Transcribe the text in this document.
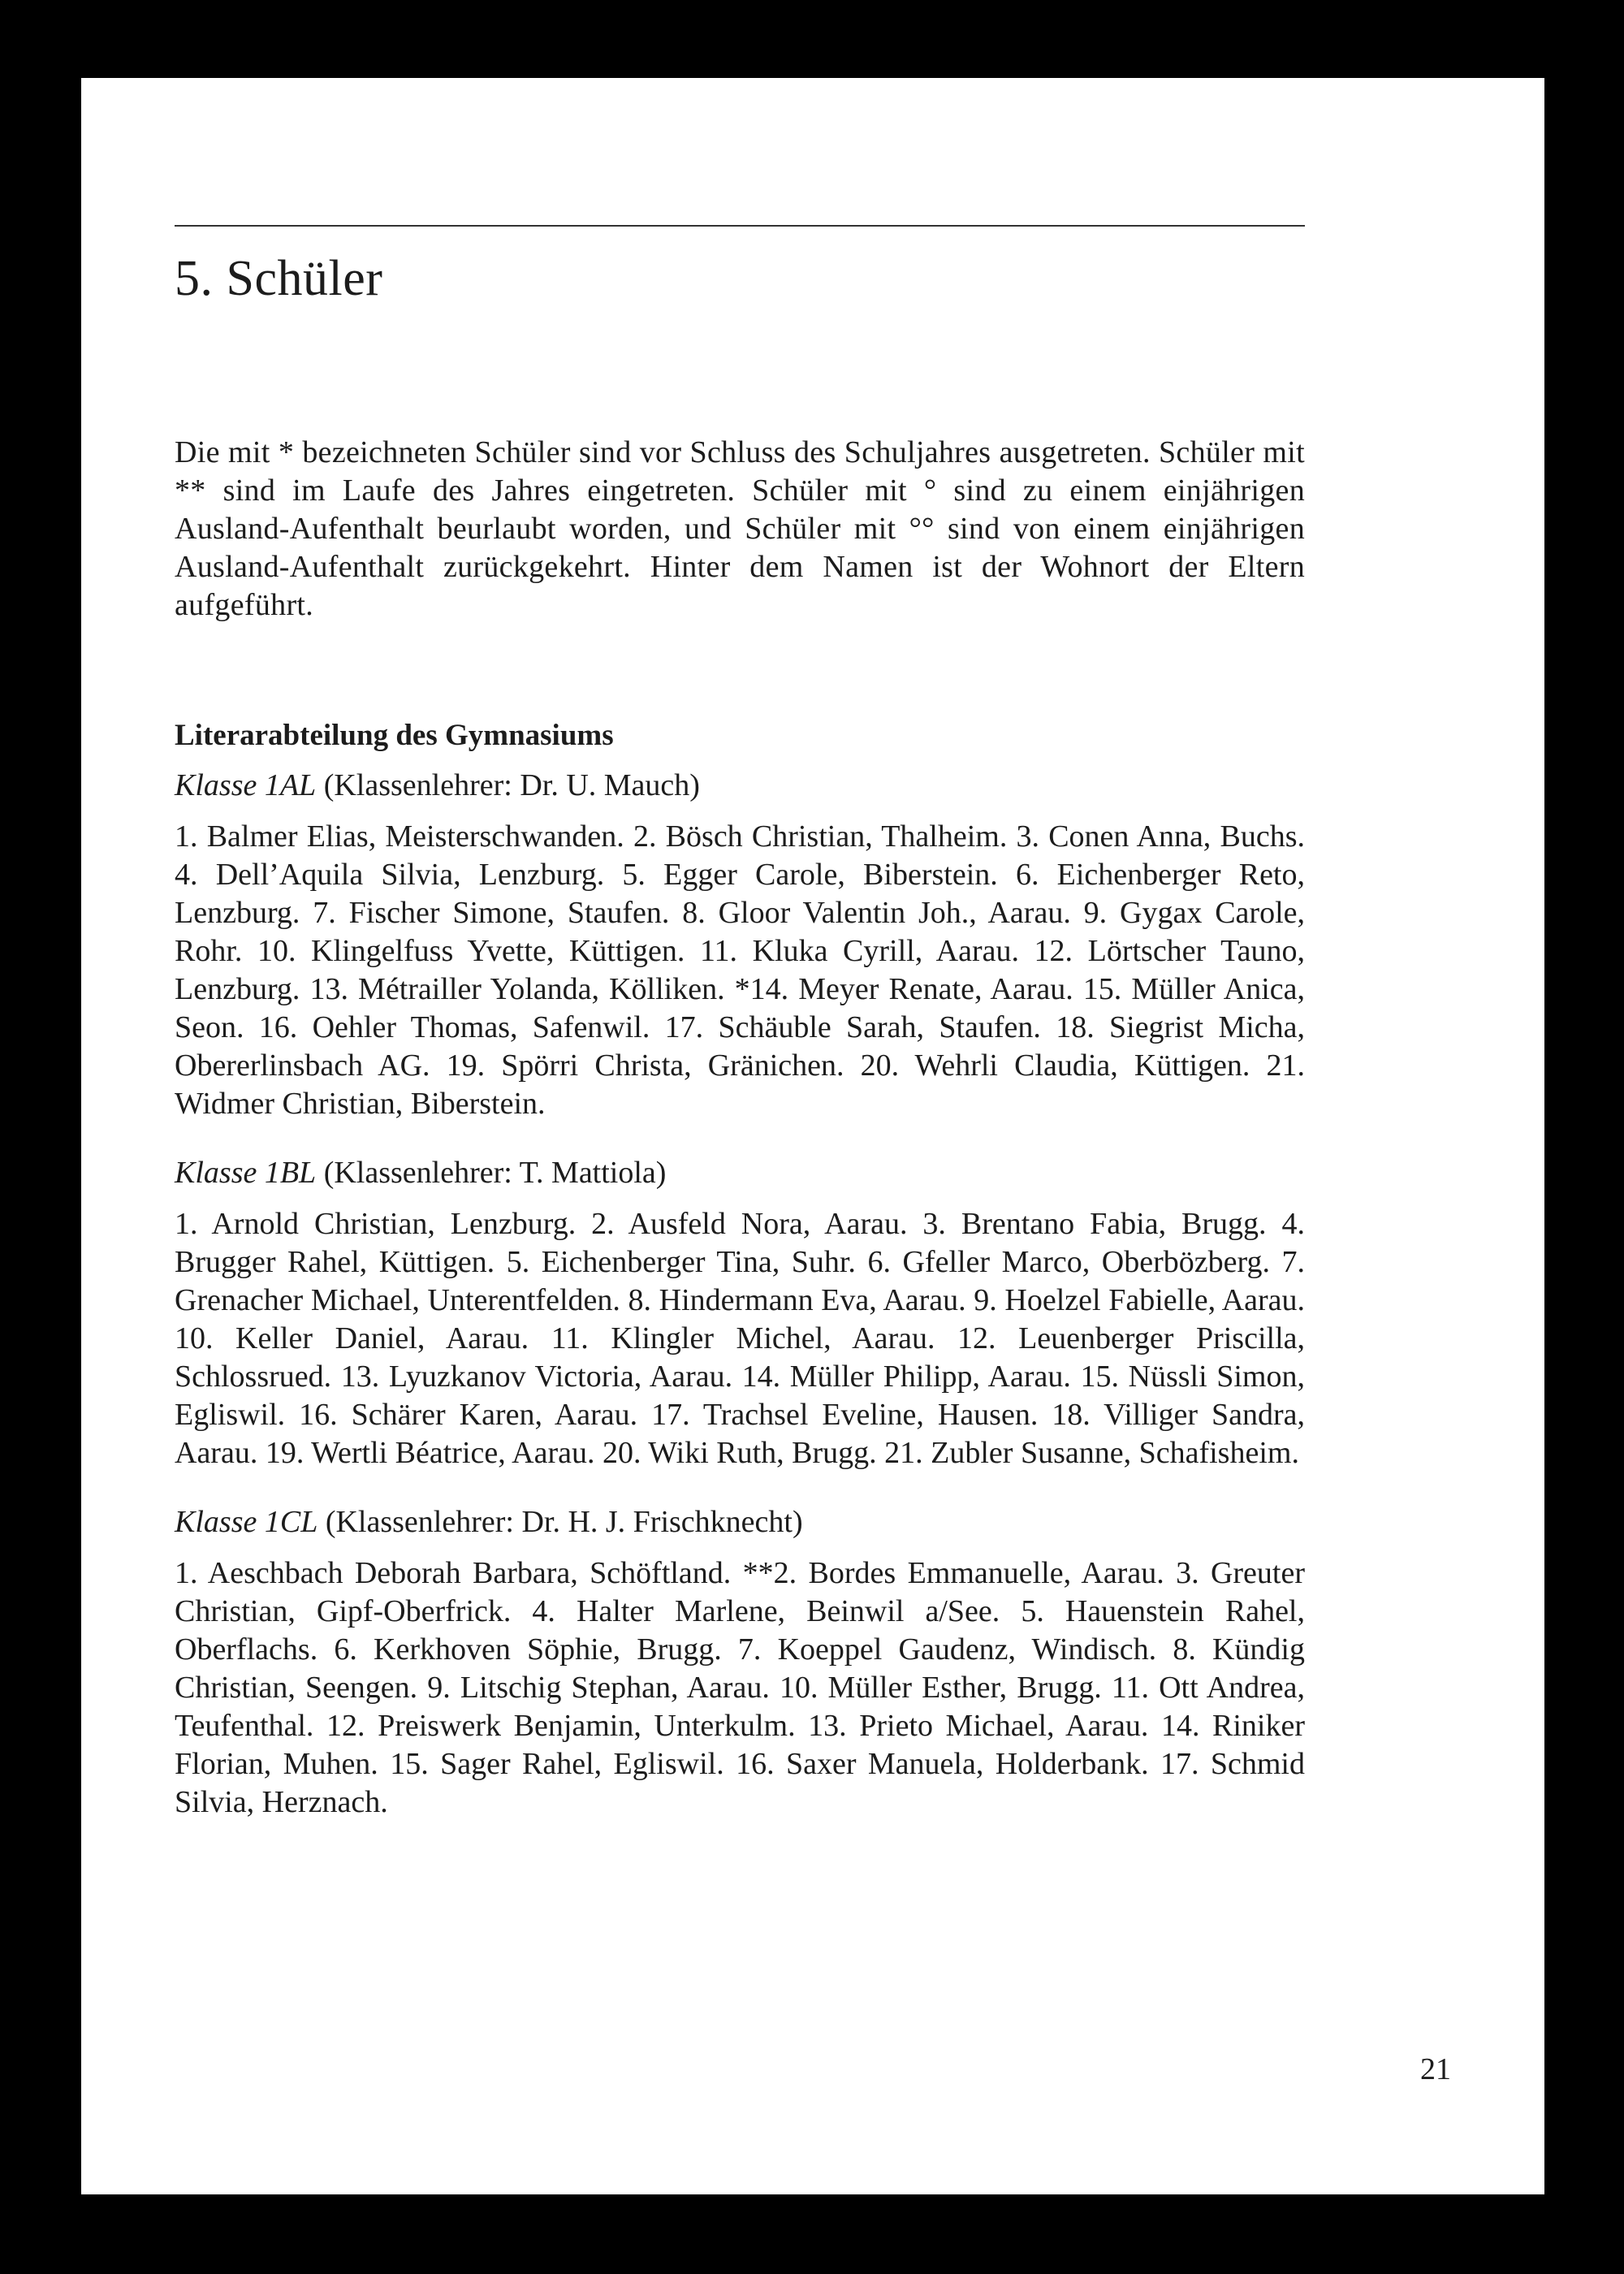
5. Schüler

Die mit * bezeichneten Schüler sind vor Schluss des Schuljahres ausgetreten. Schüler mit ** sind im Laufe des Jahres eingetreten. Schüler mit ° sind zu einem einjährigen Ausland-Aufenthalt beurlaubt worden, und Schüler mit °° sind von einem einjährigen Ausland-Aufenthalt zurückgekehrt. Hinter dem Namen ist der Wohnort der Eltern aufgeführt.

Literarabteilung des Gymnasiums

Klasse 1AL (Klassenlehrer: Dr. U. Mauch)

1. Balmer Elias, Meisterschwanden. 2. Bösch Christian, Thalheim. 3. Conen Anna, Buchs. 4. Dell’Aquila Silvia, Lenzburg. 5. Egger Carole, Biberstein. 6. Eichenberger Reto, Lenzburg. 7. Fischer Simone, Staufen. 8. Gloor Valentin Joh., Aarau. 9. Gygax Carole, Rohr. 10. Klingelfuss Yvette, Küttigen. 11. Kluka Cyrill, Aarau. 12. Lörtscher Tauno, Lenzburg. 13. Métrailler Yolanda, Kölliken. *14. Meyer Renate, Aarau. 15. Müller Anica, Seon. 16. Oehler Thomas, Safenwil. 17. Schäuble Sarah, Staufen. 18. Siegrist Micha, Obererlinsbach AG. 19. Spörri Christa, Gränichen. 20. Wehrli Claudia, Küttigen. 21. Widmer Christian, Biberstein.

Klasse 1BL (Klassenlehrer: T. Mattiola)

1. Arnold Christian, Lenzburg. 2. Ausfeld Nora, Aarau. 3. Brentano Fabia, Brugg. 4. Brugger Rahel, Küttigen. 5. Eichenberger Tina, Suhr. 6. Gfeller Marco, Oberbözberg. 7. Grenacher Michael, Unterentfelden. 8. Hindermann Eva, Aarau. 9. Hoelzel Fabielle, Aarau. 10. Keller Daniel, Aarau. 11. Klingler Michel, Aarau. 12. Leuenberger Priscilla, Schlossrued. 13. Lyuzkanov Victoria, Aarau. 14. Müller Philipp, Aarau. 15. Nüssli Simon, Egliswil. 16. Schärer Karen, Aarau. 17. Trachsel Eveline, Hausen. 18. Villiger Sandra, Aarau. 19. Wertli Béatrice, Aarau. 20. Wiki Ruth, Brugg. 21. Zubler Susanne, Schafisheim.

Klasse 1CL (Klassenlehrer: Dr. H. J. Frischknecht)

1. Aeschbach Deborah Barbara, Schöftland. **2. Bordes Emmanuelle, Aarau. 3. Greuter Christian, Gipf-Oberfrick. 4. Halter Marlene, Beinwil a/See. 5. Hauenstein Rahel, Oberflachs. 6. Kerkhoven Söphie, Brugg. 7. Koeppel Gaudenz, Windisch. 8. Kündig Christian, Seengen. 9. Litschig Stephan, Aarau. 10. Müller Esther, Brugg. 11. Ott Andrea, Teufenthal. 12. Preiswerk Benjamin, Unterkulm. 13. Prieto Michael, Aarau. 14. Riniker Florian, Muhen. 15. Sager Rahel, Egliswil. 16. Saxer Manuela, Holderbank. 17. Schmid Silvia, Herznach.

21
